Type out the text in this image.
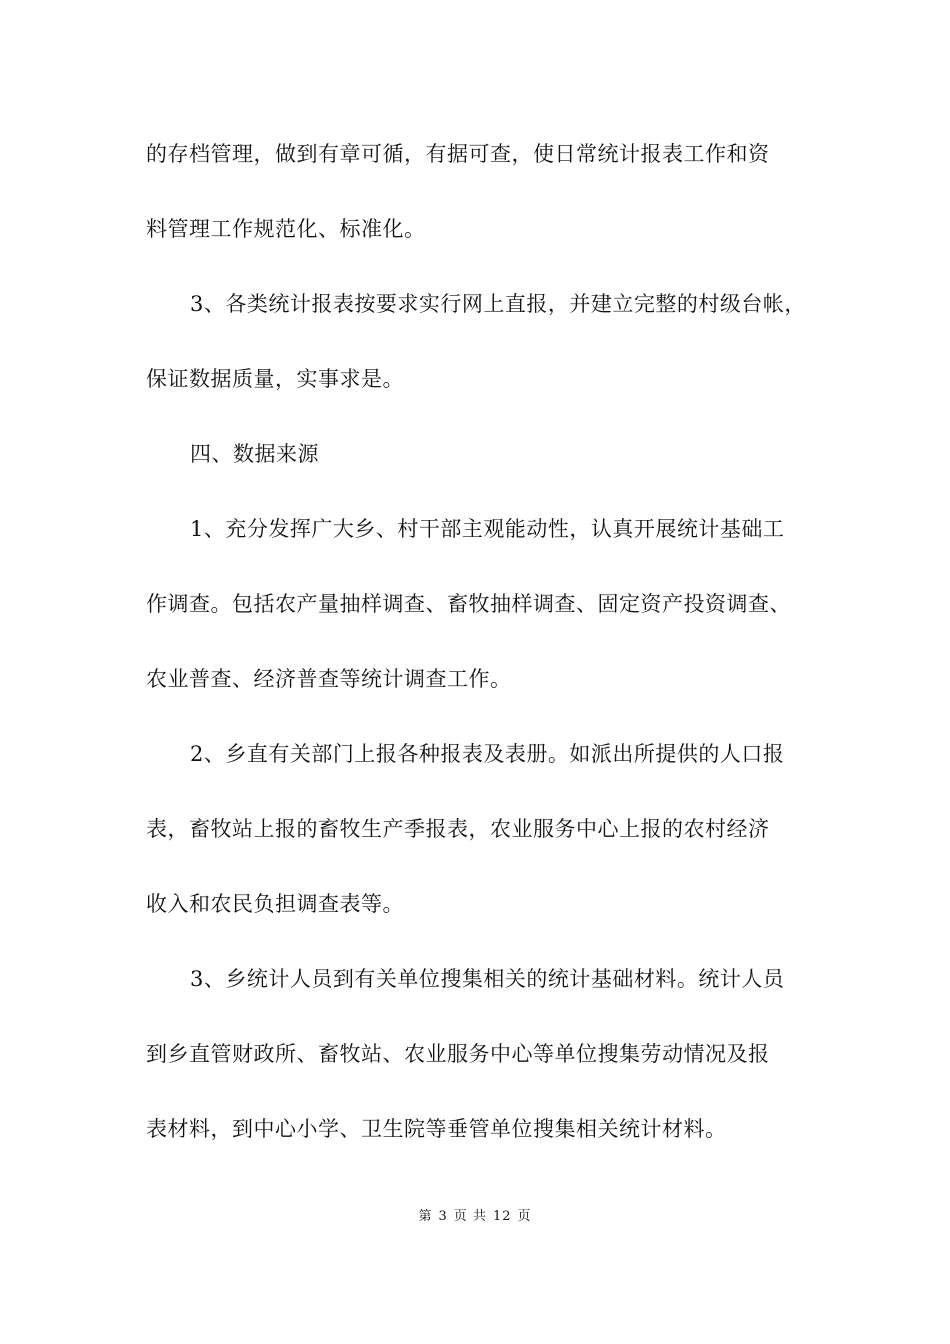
的存档管理，做到有章可循，有据可查，使日常统计报表工作和资
料管理工作规范化、标准化。
3、各类统计报表按要求实行网上直报，并建立完整的村级台帐，
保证数据质量，实事求是。
四、数据来源
1、充分发挥广大乡、村干部主观能动性，认真开展统计基础工
作调查。包括农产量抽样调查、畜牧抽样调查、固定资产投资调查、
农业普查、经济普查等统计调查工作。
2、乡直有关部门上报各种报表及表册。如派出所提供的人口报
表，畜牧站上报的畜牧生产季报表，农业服务中心上报的农村经济
收入和农民负担调查表等。
3、乡统计人员到有关单位搜集相关的统计基础材料。统计人员
到乡直管财政所、畜牧站、农业服务中心等单位搜集劳动情况及报
表材料，到中心小学、卫生院等垂管单位搜集相关统计材料。
第 3 页 共 12 页
